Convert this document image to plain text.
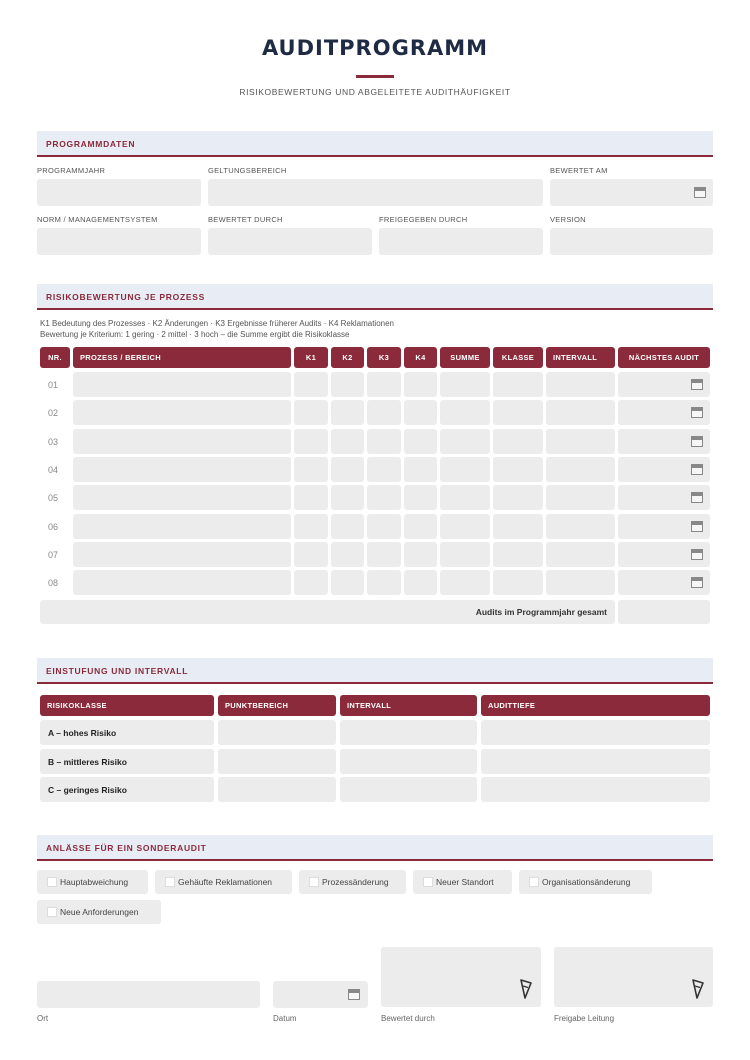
AUDITPROGRAMM
RISIKOBEWERTUNG UND ABGELEITETE AUDITHÄUFIGKEIT
PROGRAMMDATEN
PROGRAMMJAHR	GELTUNGSBEREICH	BEWERTET AM
NORM / MANAGEMENTSYSTEM	BEWERTET DURCH	FREIGEGEBEN DURCH	VERSION
RISIKOBEWERTUNG JE PROZESS
K1 Bedeutung des Prozesses · K2 Änderungen · K3 Ergebnisse früherer Audits · K4 Reklamationen
Bewertung je Kriterium: 1 gering · 2 mittel · 3 hoch – die Summe ergibt die Risikoklasse
NR.	PROZESS / BEREICH	K1	K2	K3	K4	SUMME	KLASSE	INTERVALL	NÄCHSTES AUDIT
01
02
03
04
05
06
07
08
Audits im Programmjahr gesamt
EINSTUFUNG UND INTERVALL
RISIKOKLASSE	PUNKTBEREICH	INTERVALL	AUDITTIEFE
A – hohes Risiko
B – mittleres Risiko
C – geringes Risiko
ANLÄSSE FÜR EIN SONDERAUDIT
Hauptabweichung	Gehäufte Reklamationen	Prozessänderung	Neuer Standort	Organisationsänderung
Neue Anforderungen
Ort	Datum	Bewertet durch	Freigabe Leitung
